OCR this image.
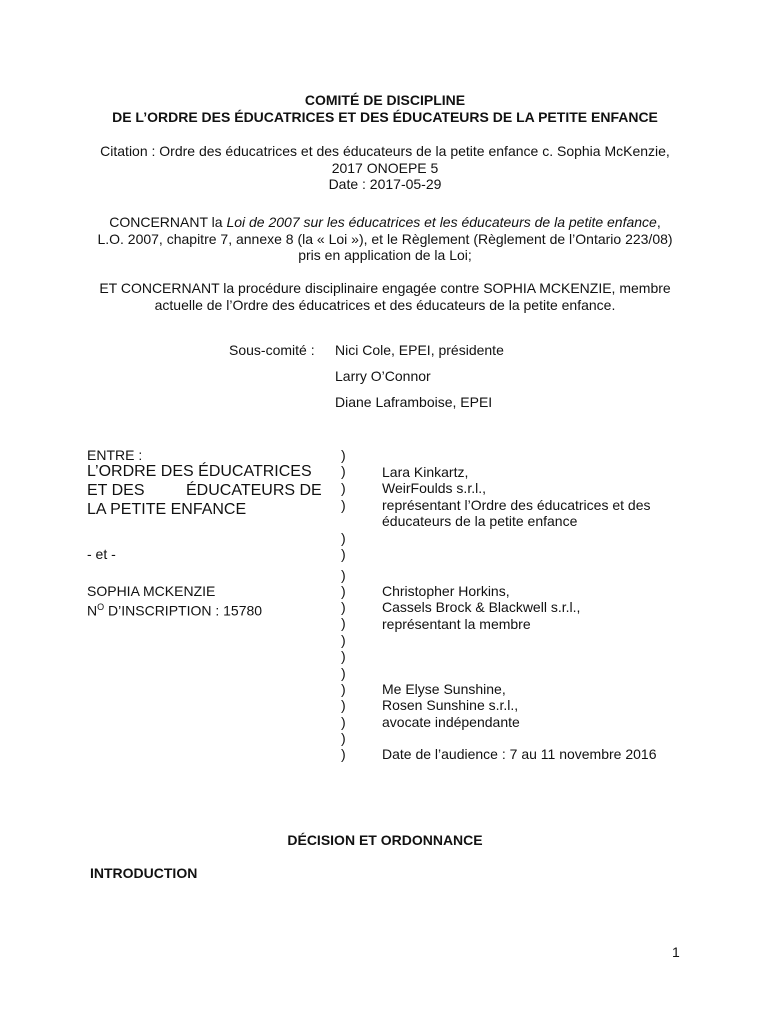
COMITÉ DE DISCIPLINE
DE L’ORDRE DES ÉDUCATRICES ET DES ÉDUCATEURS DE LA PETITE ENFANCE
Citation : Ordre des éducatrices et des éducateurs de la petite enfance c. Sophia McKenzie,
2017 ONOEPE 5
Date : 2017-05-29
CONCERNANT la Loi de 2007 sur les éducatrices et les éducateurs de la petite enfance,
L.O. 2007, chapitre 7, annexe 8 (la « Loi »), et le Règlement (Règlement de l’Ontario 223/08)
pris en application de la Loi;
ET CONCERNANT la procédure disciplinaire engagée contre SOPHIA MCKENZIE, membre
actuelle de l’Ordre des éducatrices et des éducateurs de la petite enfance.
Sous-comité : Nici Cole, EPEI, présidente
Larry O’Connor
Diane Laframboise, EPEI
ENTRE :
L’ORDRE DES ÉDUCATRICES
ET DES	ÉDUCATEURS DE
LA PETITE ENFANCE
- et -
SOPHIA MCKENZIE
$N^O$ D’INSCRIPTION : 15780
)
)
)
)
)
)
)
)
)
)
)
)
)
)
)
)
)
)
Lara Kinkartz,
WeirFoulds s.r.l.,
représentant l’Ordre des éducatrices et des
éducateurs de la petite enfance
Christopher Horkins,
Cassels Brock & Blackwell s.r.l.,
représentant la membre
Me Elyse Sunshine,
Rosen Sunshine s.r.l.,
avocate indépendante
Date de l’audience : 7 au 11 novembre 2016
DÉCISION ET ORDONNANCE
INTRODUCTION
1
